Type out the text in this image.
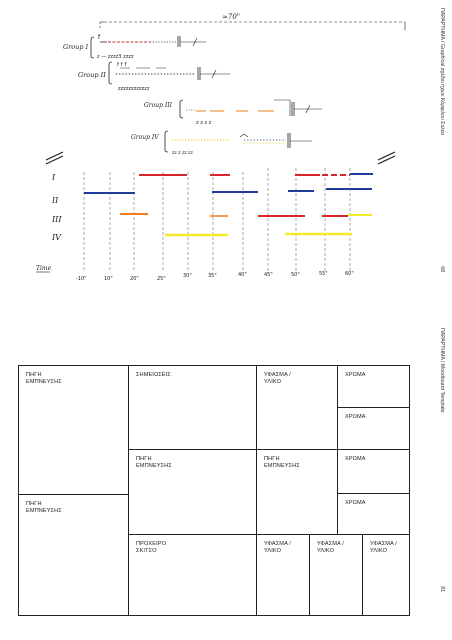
ΠΑΡΑΡΤΗΜΑ / Graphical σχέδιο ήχων Κόρφιλου Σολέα
68
≈70"
Group I
f
z — zzzz3 zzzz
Group II
f f f
zzzzzzzzzzzz
Group III
z z z z
Group IV
zz z zz zz
I
II
III
IV
Time
-10"	10"	20"	25"	30"	35"	40"	45"	50"	55"	60"
ΠΑΡΑΡΤΗΜΑ / Moodboard Template
81
ΠΗΓΗ
ΕΜΠΝΕΥΣΗΣ
ΠΗΓΗ
ΕΜΠΝΕΥΣΗΣ
ΣΗΜΕΙΩΣΕΙΣ
ΠΗΓΗ
ΕΜΠΝΕΥΣΗΣ
ΠΡΟΧΕΙΡΟ
ΣΚΙΤΣΟ
ΥΦΑΣΜΑ /
ΥΛΙΚΟ
ΠΗΓΗ
ΕΜΠΝΕΥΣΗΣ
ΧΡΩΜΑ
ΧΡΩΜΑ
ΧΡΩΜΑ
ΧΡΩΜΑ
ΥΦΑΣΜΑ /
ΥΛΙΚΟ
ΥΦΑΣΜΑ /
ΥΛΙΚΟ
ΥΦΑΣΜΑ /
ΥΛΙΚΟ
